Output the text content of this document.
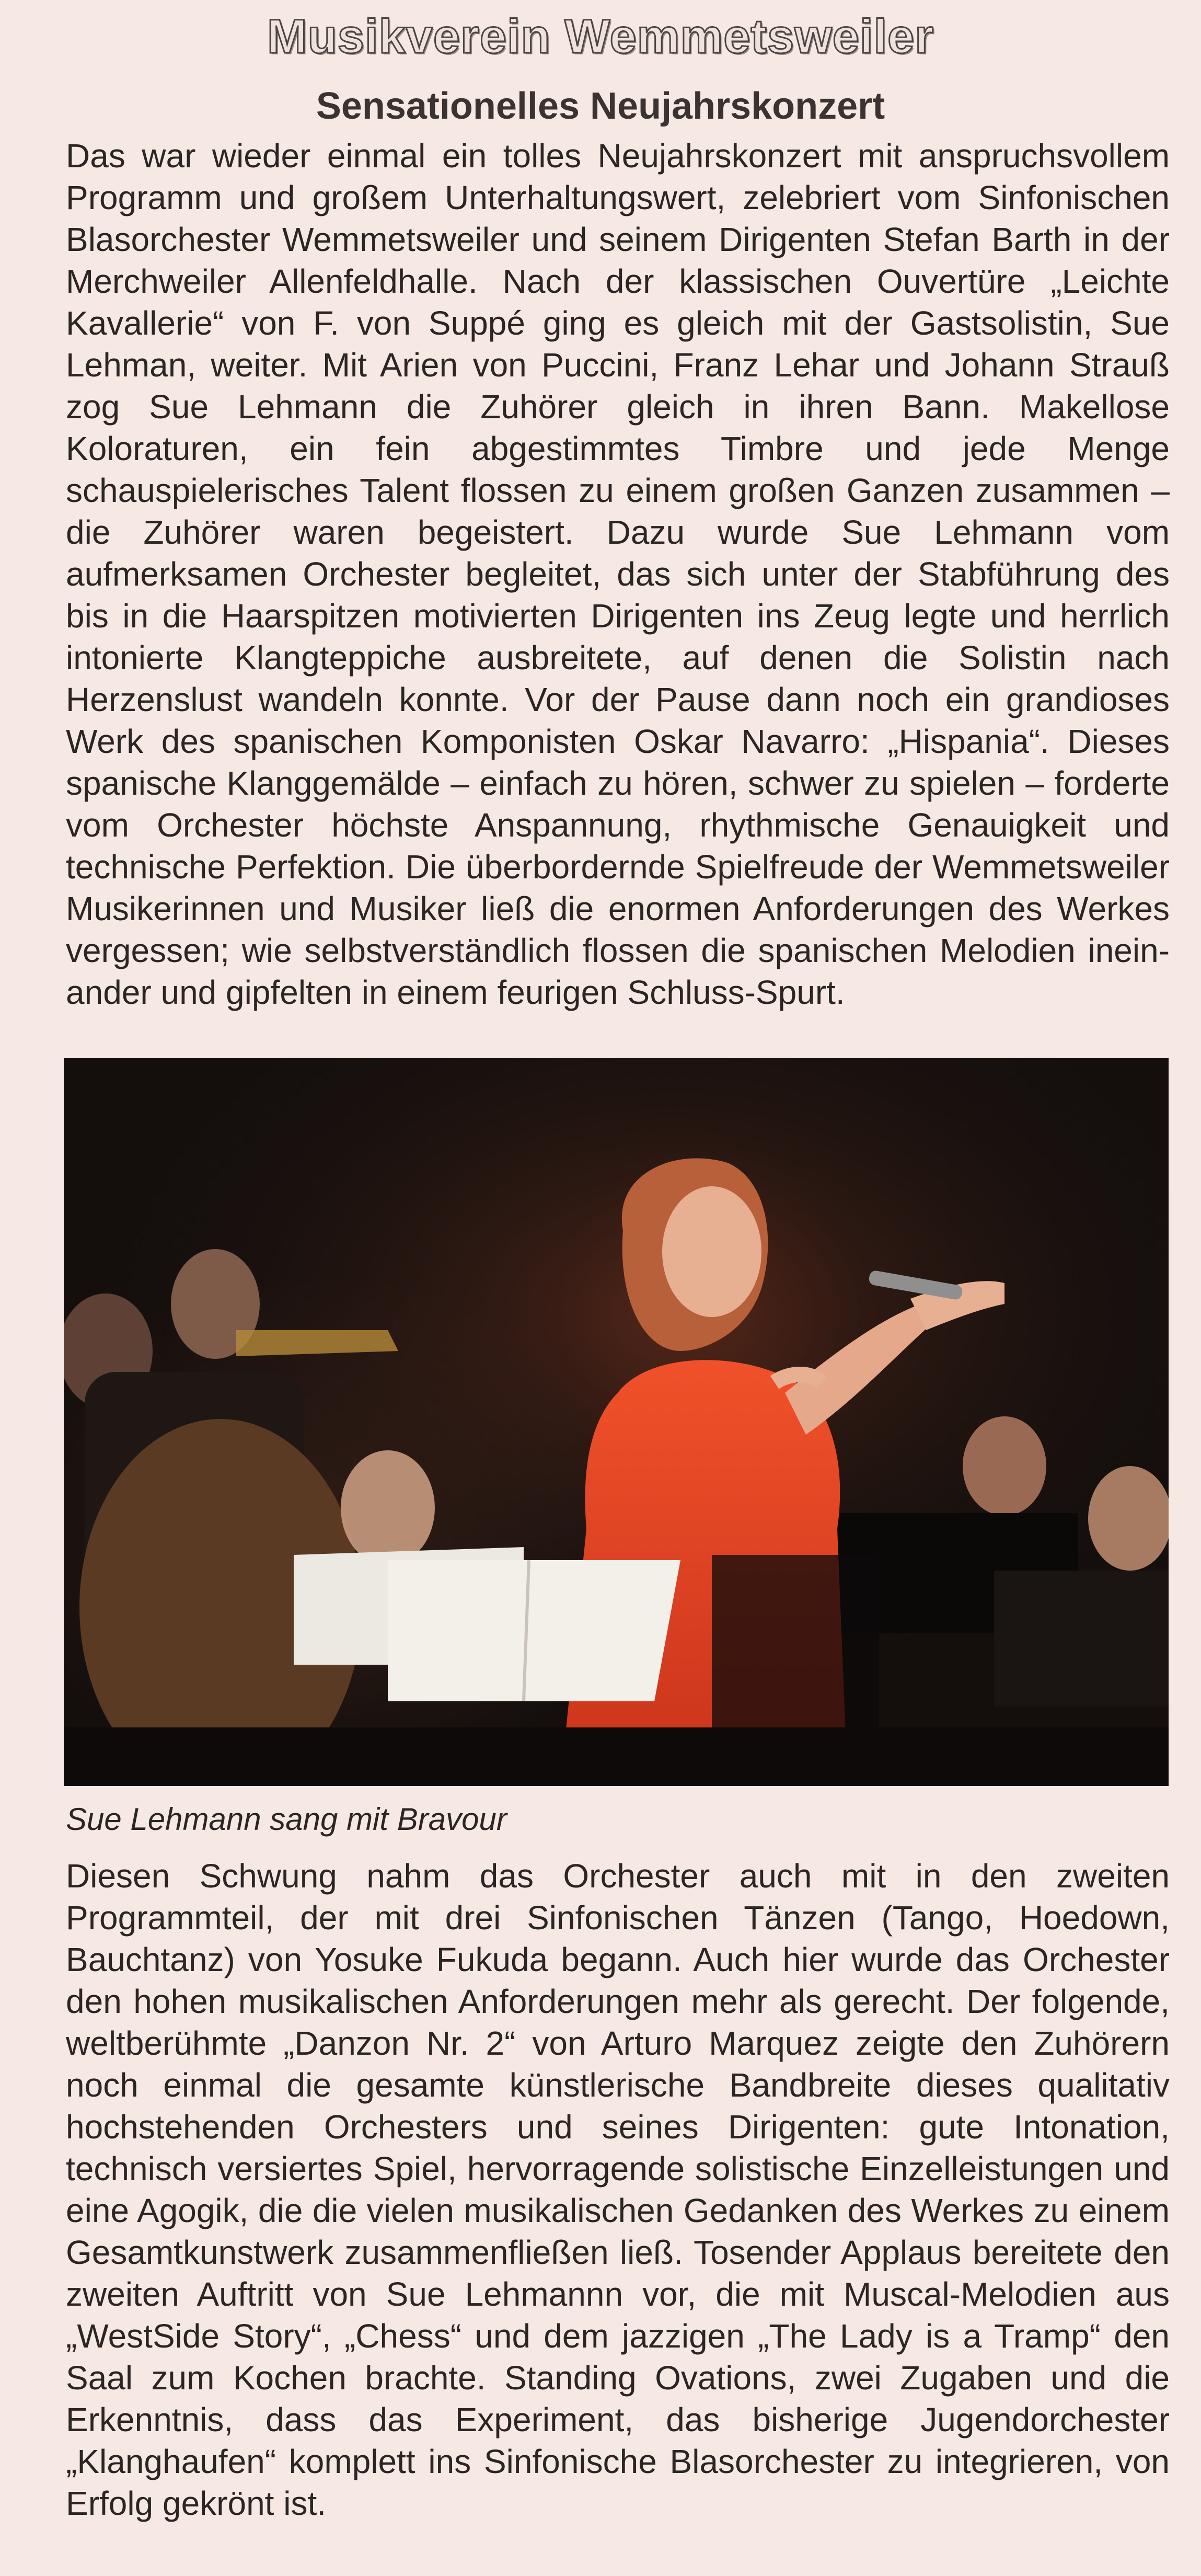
Musikverein Wemmetsweiler
Sensationelles Neujahrskonzert
Das war wieder einmal ein tolles Neujahrskonzert mit anspruchsvollem Programm und großem Unterhaltungswert, zelebriert vom Sinfonischen Blasorchester Wemmetsweiler und seinem Dirigenten Stefan Barth in der Merchweiler Allenfeldhalle. Nach der klassischen Ouvertüre „Leichte Kavallerie“ von F. von Suppé ging es gleich mit der Gastsolistin, Sue Lehman, weiter. Mit Arien von Puccini, Franz Lehar und Johann Strauß zog Sue Lehmann die Zuhörer gleich in ihren Bann. Makellose Koloraturen, ein fein abgestimmtes Timbre und jede Menge schauspielerisches Talent flossen zu einem großen Ganzen zusammen – die Zuhörer waren begeistert. Dazu wurde Sue Lehmann vom aufmerksamen Orchester begleitet, das sich unter der Stabführung des bis in die Haarspitzen motivierten Dirigenten ins Zeug legte und herrlich intonierte Klangteppiche ausbreitete, auf denen die Solistin nach Herzenslust wandeln konnte. Vor der Pause dann noch ein grandioses Werk des spanischen Komponisten Oskar Navarro: „Hispania“. Dieses spanische Klanggemälde – einfach zu hören, schwer zu spielen – forderte vom Orchester höchste Anspannung, rhythmische Genauigkeit und technische Perfektion. Die überbordernde Spielfreude der Wemmetsweiler Musikerinnen und Musiker ließ die enormen Anforderungen des Werkes vergessen; wie selbstverständlich flossen die spanischen Melodien ineinander und gipfelten in einem feurigen Schluss-Spurt.
Sue Lehmann sang mit Bravour
Diesen Schwung nahm das Orchester auch mit in den zweiten Programmteil, der mit drei Sinfonischen Tänzen (Tango, Hoedown, Bauchtanz) von Yosuke Fukuda begann. Auch hier wurde das Orchester den hohen musikalischen Anforderungen mehr als gerecht. Der folgende, weltberühmte „Danzon Nr. 2“ von Arturo Marquez zeigte den Zuhörern noch einmal die gesamte künstlerische Bandbreite dieses qualitativ hochstehenden Orchesters und seines Dirigenten: gute Intonation, technisch versiertes Spiel, hervorragende solistische Einzelleistungen und eine Agogik, die die vielen musikalischen Gedanken des Werkes zu einem Gesamtkunstwerk zusammenfließen ließ. Tosender Applaus bereitete den zweiten Auftritt von Sue Lehmannn vor, die mit Muscal-Melodien aus „WestSide Story“, „Chess“ und dem jazzigen „The Lady is a Tramp“ den Saal zum Kochen brachte. Standing Ovations, zwei Zugaben und die Erkenntnis, dass das Experiment, das bisherige Jugendorchester „Klanghaufen“ komplett ins Sinfonische Blasorchester zu integrieren, von Erfolg gekrönt ist.
